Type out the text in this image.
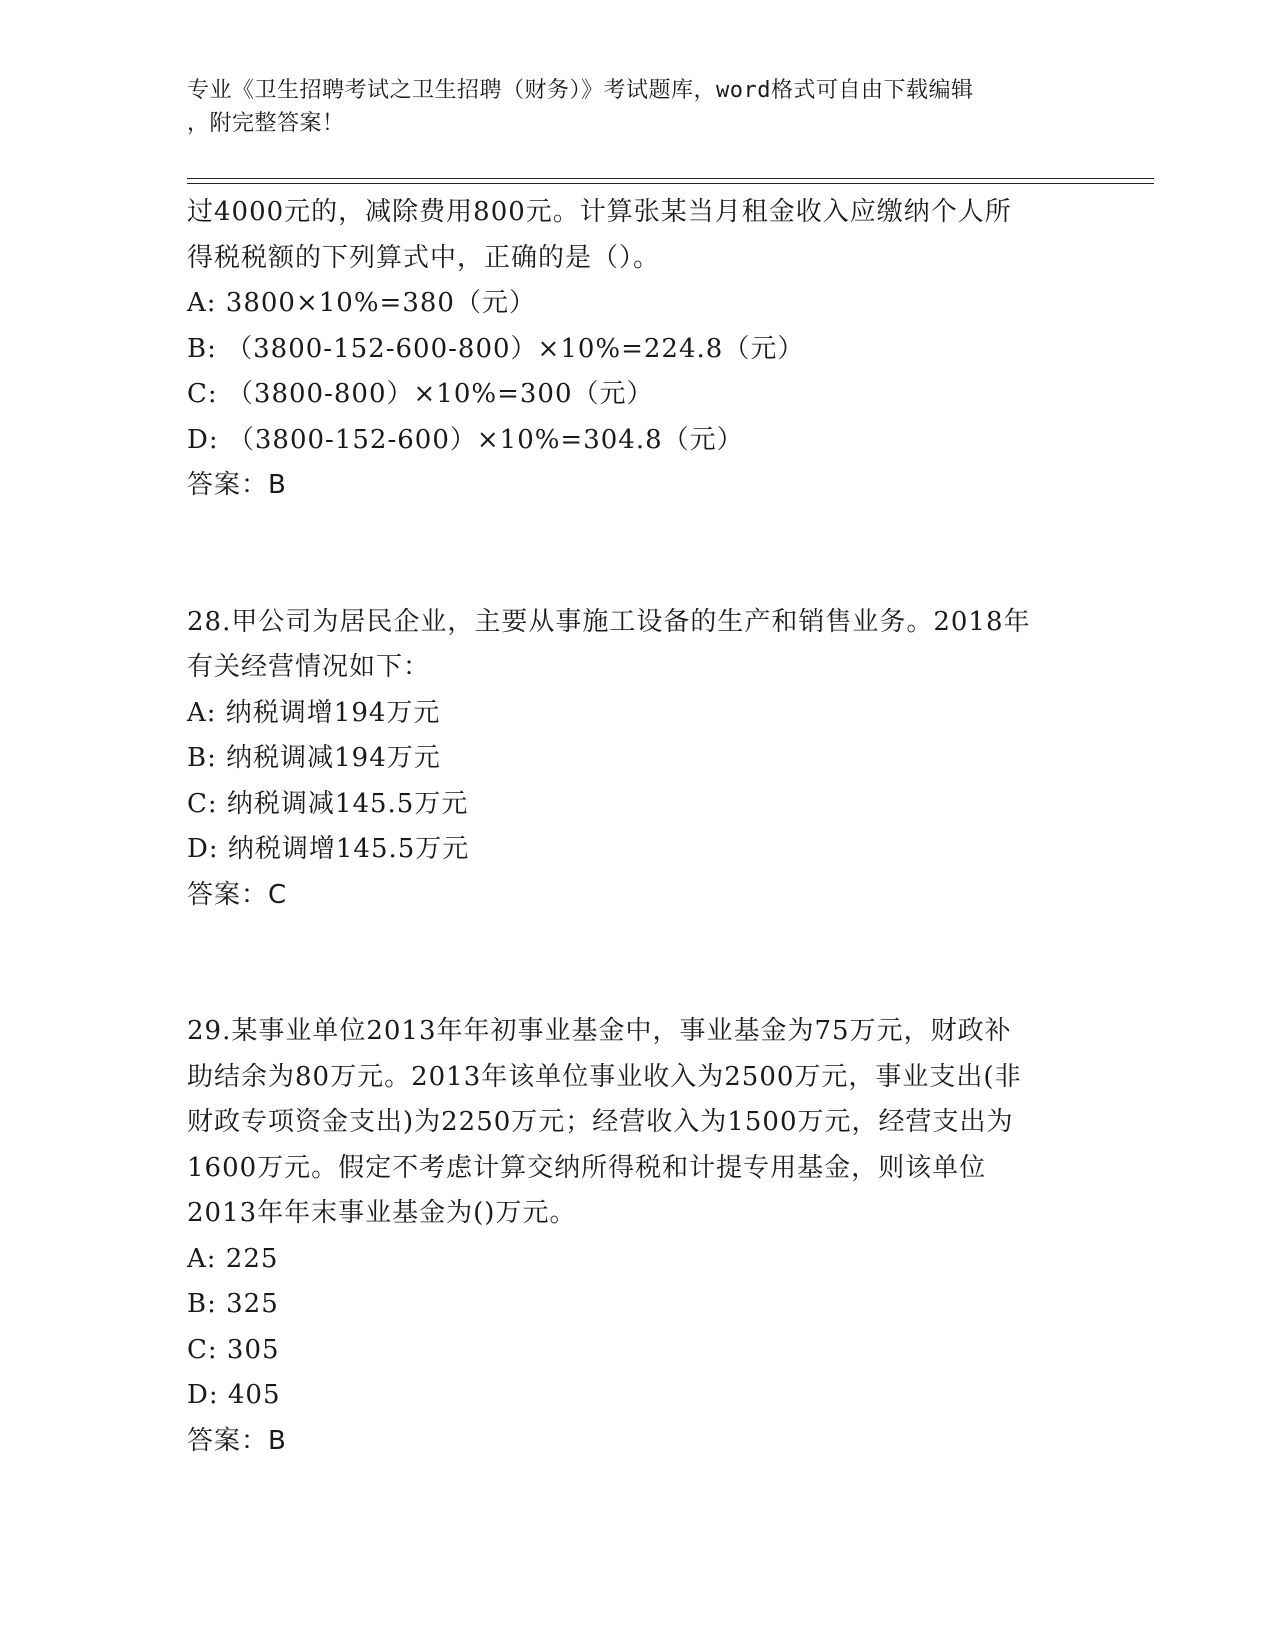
专业《卫生招聘考试之卫生招聘（财务）》考试题库，word格式可自由下载编辑
，附完整答案！
过4000元的，减除费用800元。计算张某当月租金收入应缴纳个人所
得税税额的下列算式中，正确的是（）。
A: 3800×10%=380（元）
B: （3800-152-600-800）×10%=224.8（元）
C: （3800-800）×10%=300（元）
D: （3800-152-600）×10%=304.8（元）
答案：B
28.甲公司为居民企业，主要从事施工设备的生产和销售业务。2018年
有关经营情况如下：
A: 纳税调增194万元
B: 纳税调减194万元
C: 纳税调减145.5万元
D: 纳税调增145.5万元
答案：C
29.某事业单位2013年年初事业基金中，事业基金为75万元，财政补
助结余为80万元。2013年该单位事业收入为2500万元，事业支出(非
财政专项资金支出)为2250万元；经营收入为1500万元，经营支出为
1600万元。假定不考虑计算交纳所得税和计提专用基金，则该单位
2013年年末事业基金为()万元。
A: 225
B: 325
C: 305
D: 405
答案：B
